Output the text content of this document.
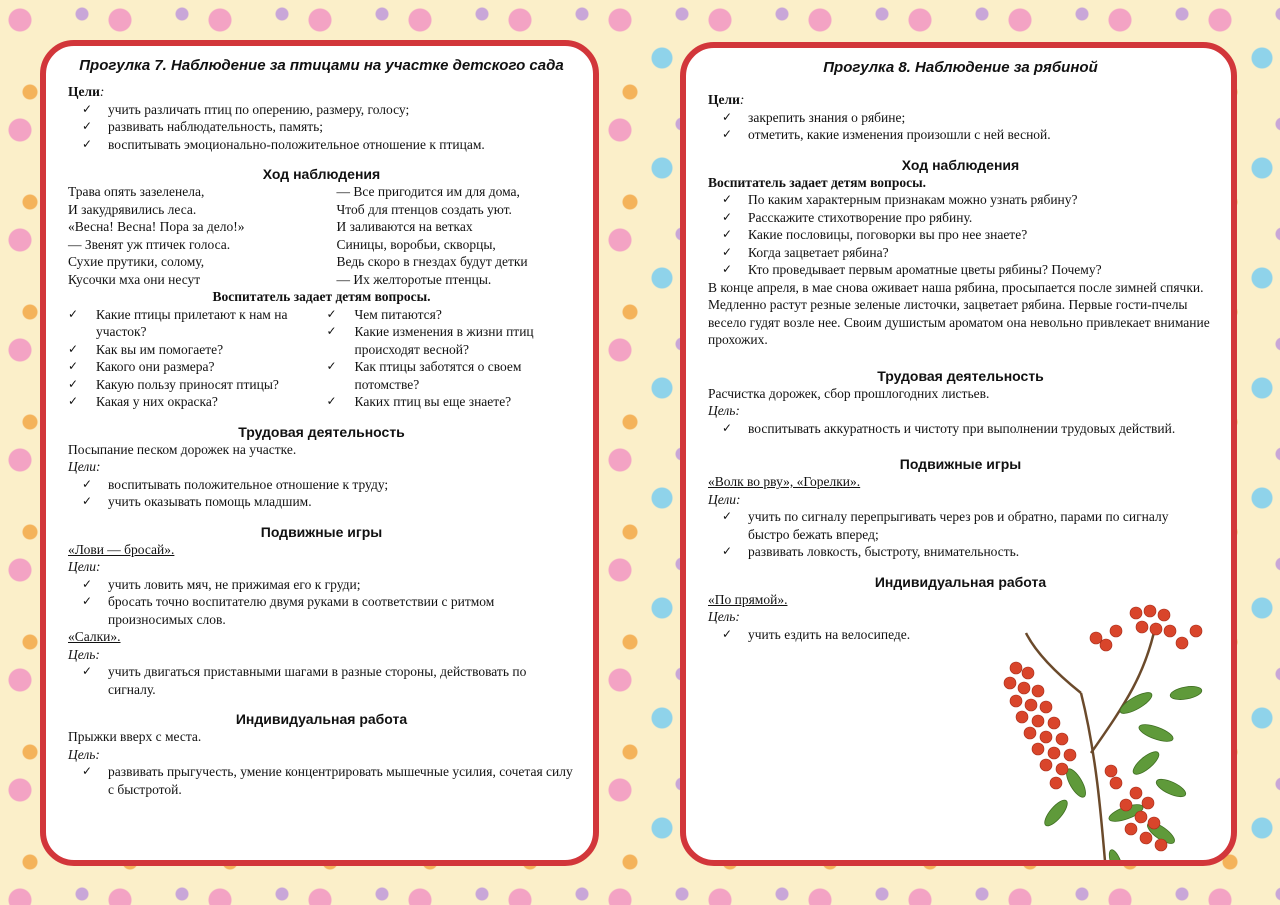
Прогулка 7. Наблюдение за птицами на участке детского сада
Цели:
✓ учить различать птиц по оперению, размеру, голосу;
✓ развивать наблюдательность, память;
✓ воспитывать эмоционально-положительное отношение к птицам.
Ход наблюдения
Трава опять зазеленела,
И закудрявились леса.
«Весна! Весна! Пора за дело!»
— Звенят уж птичек голоса.
Сухие прутики, солому,
Кусочки мха они несут
— Все пригодится им для дома,
Чтоб для птенцов создать уют.
И заливаются на ветках
Синицы, воробьи, скворцы,
Ведь скоро в гнездах будут детки
— Их желторотые птенцы.
Воспитатель задает детям вопросы.
✓ Какие птицы прилетают к нам на участок?
✓ Как вы им помогаете?
✓ Какого они размера?
✓ Какую пользу приносят птицы?
✓ Какая у них окраска?
✓ Чем питаются?
✓ Какие изменения в жизни птиц происходят весной?
✓ Как птицы заботятся о своем потомстве?
✓ Каких птиц вы еще знаете?
Трудовая деятельность
Посыпание песком дорожек на участке.
Цели:
✓ воспитывать положительное отношение к труду;
✓ учить оказывать помощь младшим.
Подвижные игры
«Лови — бросай».
Цели:
✓ учить ловить мяч, не прижимая его к груди;
✓ бросать точно воспитателю двумя руками в соответствии с ритмом произносимых слов.
«Салки».
Цель:
✓ учить двигаться приставными шагами в разные стороны, действовать по сигналу.
Индивидуальная работа
Прыжки вверх с места.
Цель:
✓ развивать прыгучесть, умение концентрировать мышечные усилия, сочетая силу с быстротой.
Прогулка 8. Наблюдение за рябиной
Цели:
✓ закрепить знания о рябине;
✓ отметить, какие изменения произошли с ней весной.
Ход наблюдения
Воспитатель задает детям вопросы.
✓ По каким характерным признакам можно узнать рябину?
✓ Расскажите стихотворение про рябину.
✓ Какие пословицы, поговорки вы про нее знаете?
✓ Когда зацветает рябина?
✓ Кто проведывает первым ароматные цветы рябины? Почему?
В конце апреля, в мае снова оживает наша рябина, просыпается после зимней спячки. Медленно растут резные зеленые листочки, зацветает рябина. Первые гости-пчелы весело гудят возле нее. Своим душистым ароматом она невольно привлекает внимание прохожих.
Трудовая деятельность
Расчистка дорожек, сбор прошлогодних листьев.
Цель:
✓ воспитывать аккуратность и чистоту при выполнении трудовых действий.
Подвижные игры
«Волк во рву», «Горелки».
Цели:
✓ учить по сигналу перепрыгивать через ров и обратно, парами по сигналу быстро бежать вперед;
✓ развивать ловкость, быстроту, внимательность.
Индивидуальная работа
«По прямой».
Цель:
✓ учить ездить на велосипеде.
